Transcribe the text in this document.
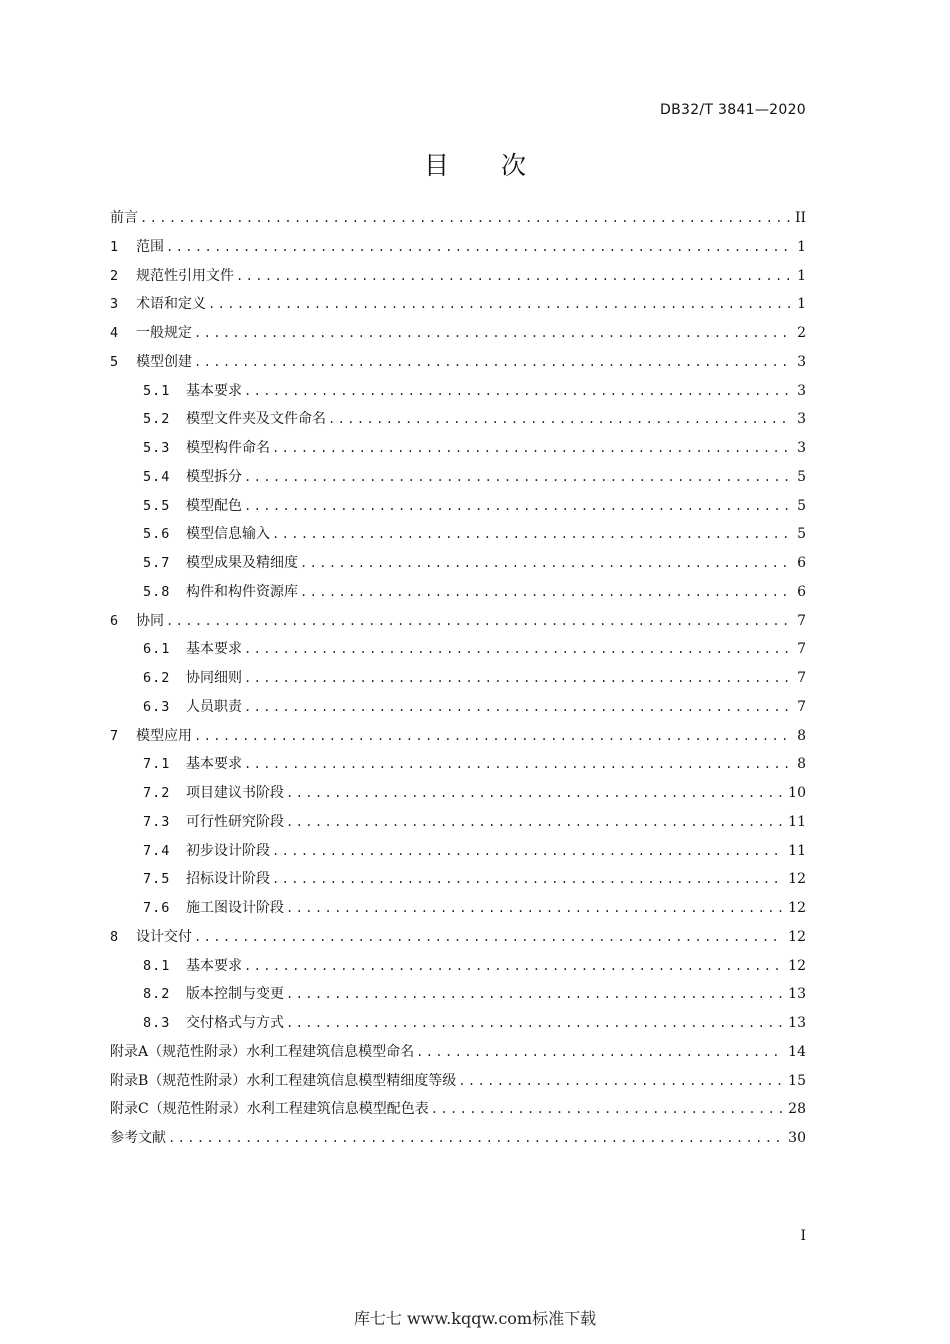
DB32/T 3841—2020
目 次
前言 .....	II
1	范围 .....	1
2	规范性引用文件 .....	1
3	术语和定义 .....	1
4	一般规定 .....	2
5	模型创建 .....	3
5.1	基本要求 .....	3
5.2	模型文件夹及文件命名 .....	3
5.3	模型构件命名 .....	3
5.4	模型拆分 .....	5
5.5	模型配色 .....	5
5.6	模型信息输入 .....	5
5.7	模型成果及精细度 .....	6
5.8	构件和构件资源库 .....	6
6	协同 .....	7
6.1	基本要求 .....	7
6.2	协同细则 .....	7
6.3	人员职责 .....	7
7	模型应用 .....	8
7.1	基本要求 .....	8
7.2	项目建议书阶段 .....	10
7.3	可行性研究阶段 .....	11
7.4	初步设计阶段 .....	11
7.5	招标设计阶段 .....	12
7.6	施工图设计阶段 .....	12
8	设计交付 .....	12
8.1	基本要求 .....	12
8.2	版本控制与变更 .....	13
8.3	交付格式与方式 .....	13
附录A（规范性附录）水利工程建筑信息模型命名 .....	14
附录B（规范性附录）水利工程建筑信息模型精细度等级 .....	15
附录C（规范性附录）水利工程建筑信息模型配色表 .....	28
参考文献 .....	30
I
库七七 www.kqqw.com标准下载
